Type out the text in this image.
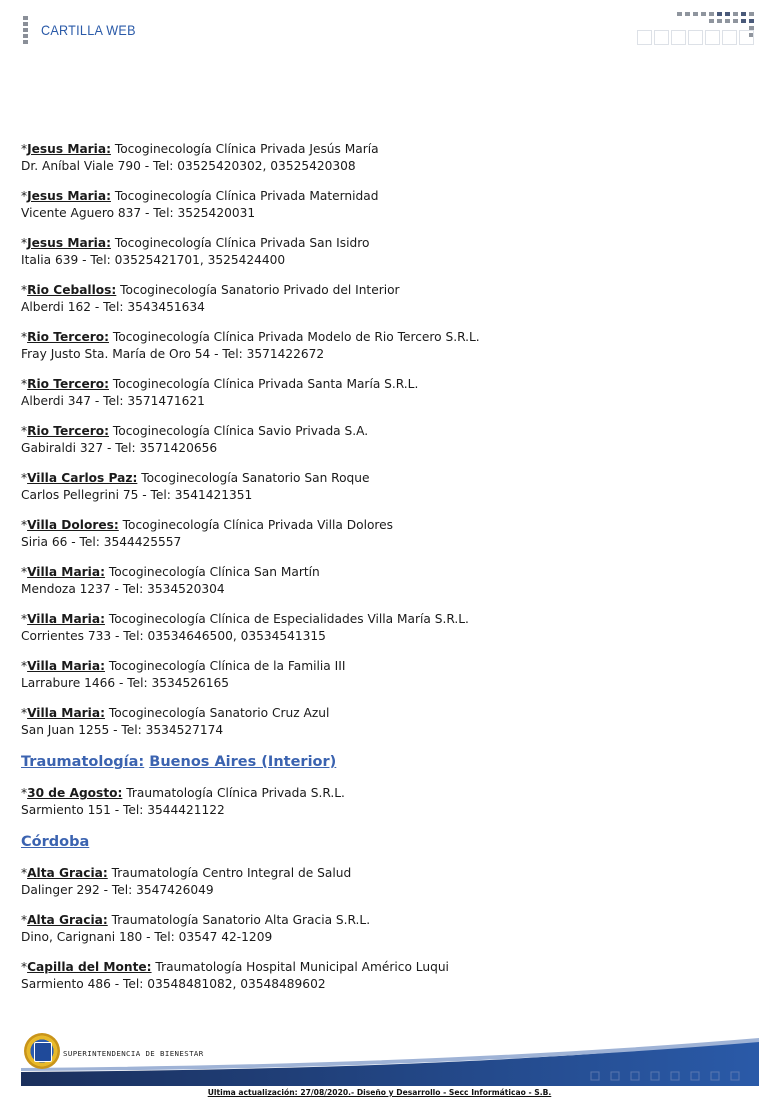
CARTILLA WEB
*Jesus Maria: Tocoginecología Clínica Privada Jesús María
Dr. Aníbal Viale 790 - Tel: 03525420302, 03525420308
*Jesus Maria: Tocoginecología Clínica Privada Maternidad
Vicente Aguero 837 - Tel: 3525420031
*Jesus Maria: Tocoginecología Clínica Privada San Isidro
Italia 639 - Tel: 03525421701, 3525424400
*Rio Ceballos: Tocoginecología Sanatorio Privado del Interior
Alberdi 162 - Tel: 3543451634
*Rio Tercero: Tocoginecología Clínica Privada Modelo de Rio Tercero S.R.L.
Fray Justo Sta. María de Oro 54 - Tel: 3571422672
*Rio Tercero: Tocoginecología Clínica Privada Santa María S.R.L.
Alberdi 347 - Tel: 3571471621
*Rio Tercero: Tocoginecología Clínica Savio Privada S.A.
Gabiraldi 327 - Tel: 3571420656
*Villa Carlos Paz: Tocoginecología Sanatorio San Roque
Carlos Pellegrini 75 - Tel: 3541421351
*Villa Dolores: Tocoginecología Clínica Privada Villa Dolores
Siria 66 - Tel: 3544425557
*Villa Maria: Tocoginecología Clínica San Martín
Mendoza 1237 - Tel: 3534520304
*Villa Maria: Tocoginecología Clínica de Especialidades Villa María S.R.L.
Corrientes 733 - Tel: 03534646500, 03534541315
*Villa Maria: Tocoginecología Clínica de la Familia III
Larrabure 1466 - Tel: 3534526165
*Villa Maria: Tocoginecología Sanatorio Cruz Azul
San Juan 1255 - Tel: 3534527174
Traumatología: Buenos Aires (Interior)
*30 de Agosto: Traumatología Clínica Privada S.R.L.
Sarmiento 151 - Tel: 3544421122
Córdoba
*Alta Gracia: Traumatología Centro Integral de Salud
Dalinger 292 - Tel: 3547426049
*Alta Gracia: Traumatología Sanatorio Alta Gracia S.R.L.
Dino, Carignani 180 - Tel: 03547 42-1209
*Capilla del Monte: Traumatología Hospital Municipal Américo Luqui
Sarmiento 486 - Tel: 03548481082, 03548489602
SUPERINTENDENCIA DE BIENESTAR
Ultima actualización: 27/08/2020.- Diseño y Desarrollo - Secc Informáticao - S.B.
